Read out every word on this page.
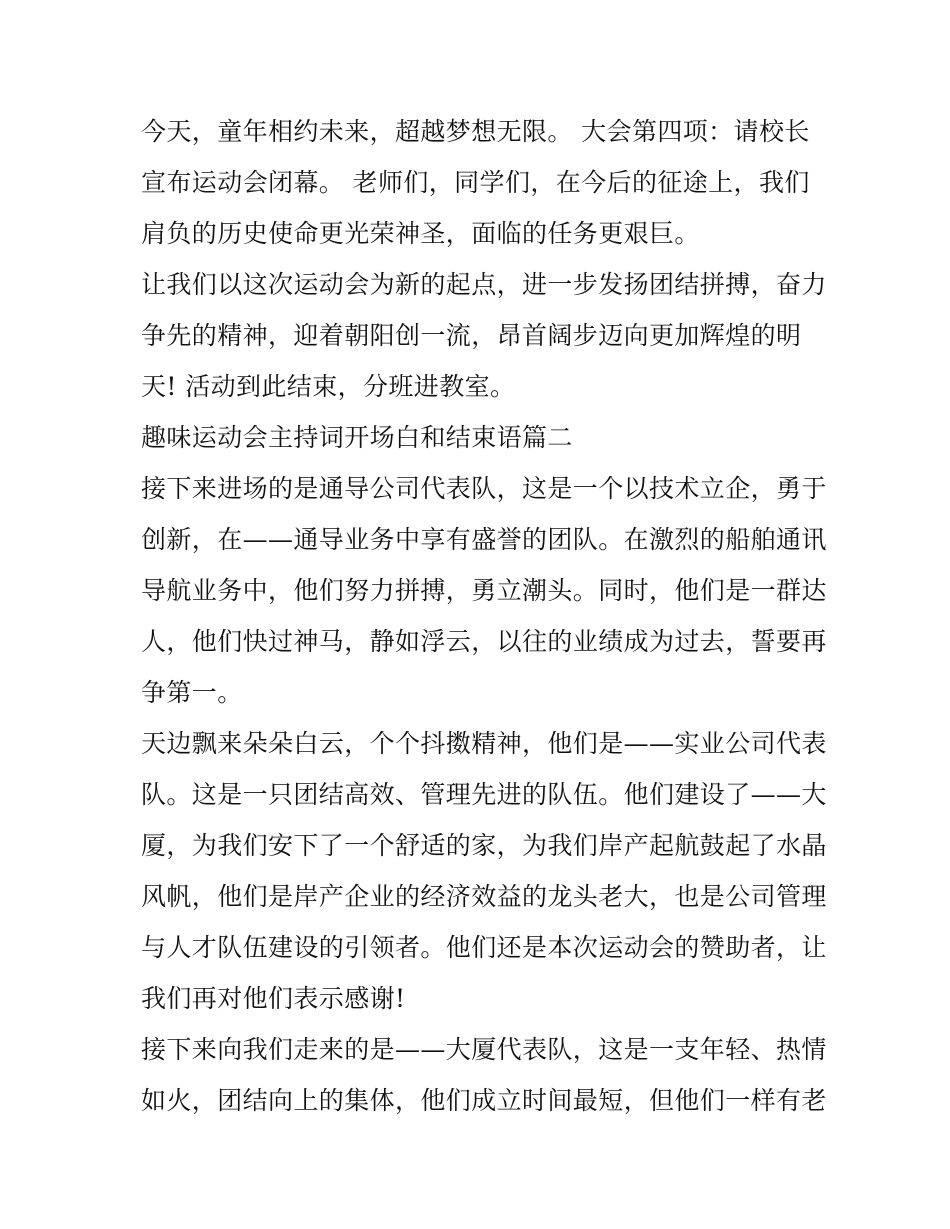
今天，童年相约未来，超越梦想无限。 大会第四项：请校长
宣布运动会闭幕。 老师们，同学们，在今后的征途上，我们
肩负的历史使命更光荣神圣，面临的任务更艰巨。
让我们以这次运动会为新的起点，进一步发扬团结拼搏，奋力
争先的精神，迎着朝阳创一流，昂首阔步迈向更加辉煌的明
天! 活动到此结束，分班进教室。
趣味运动会主持词开场白和结束语篇二
接下来进场的是通导公司代表队，这是一个以技术立企，勇于
创新，在——通导业务中享有盛誉的团队。在激烈的船舶通讯
导航业务中，他们努力拼搏，勇立潮头。同时，他们是一群达
人，他们快过神马，静如浮云，以往的业绩成为过去，誓要再
争第一。
天边飘来朵朵白云，个个抖擞精神，他们是——实业公司代表
队。这是一只团结高效、管理先进的队伍。他们建设了——大
厦，为我们安下了一个舒适的家，为我们岸产起航鼓起了水晶
风帆，他们是岸产企业的经济效益的龙头老大，也是公司管理
与人才队伍建设的引领者。他们还是本次运动会的赞助者，让
我们再对他们表示感谢!
接下来向我们走来的是——大厦代表队，这是一支年轻、热情
如火，团结向上的集体，他们成立时间最短，但他们一样有老
